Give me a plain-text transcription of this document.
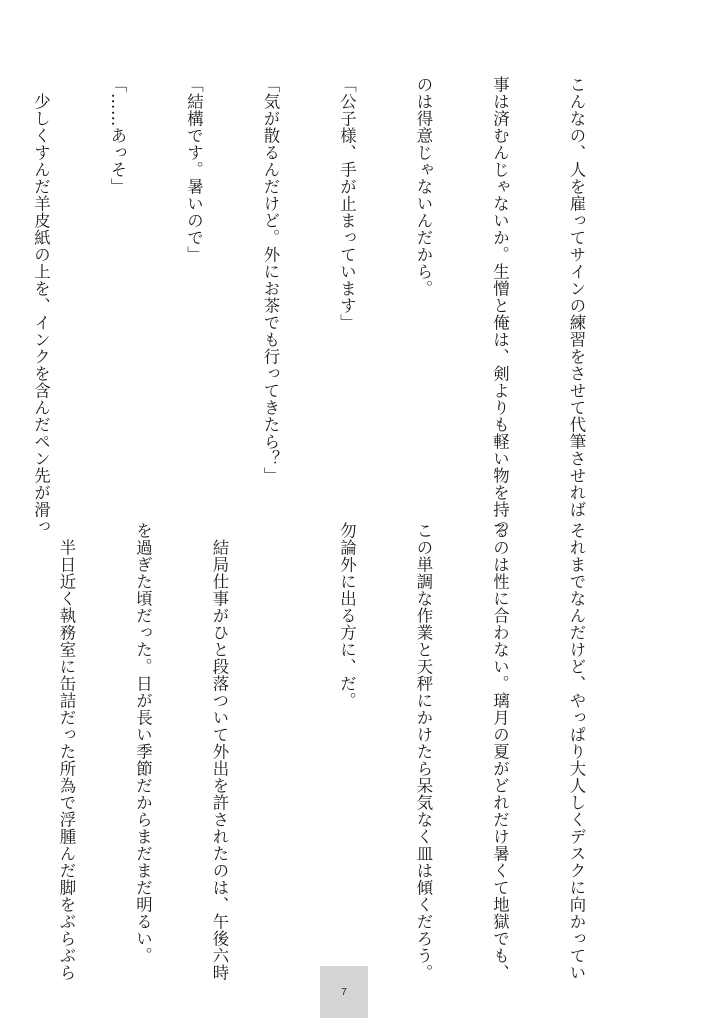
こんなの、人を雇ってサインの練習をさせて代筆させれば

事は済むんじゃないか。生憎と俺は、剣よりも軽い物を持つ

のは得意じゃないんだから。

「公子様、手が止まっています」

「気が散るんだけど。外にお茶でも行ってきたら？」

「結構です。暑いので」

「……あっそ」

　少しくすんだ羊皮紙の上を、インクを含んだペン先が滑っ

それまでなんだけど、やっぱり大人しくデスクに向かってい

るのは性に合わない。璃月の夏がどれだけ暑くて地獄でも、

この単調な作業と天秤にかけたら呆気なく皿は傾くだろう。

勿論外に出る方に、だ。

　結局仕事がひと段落ついて外出を許されたのは、午後六時

を過ぎた頃だった。日が長い季節だからまだまだ明るい。

　半日近く執務室に缶詰だった所為で浮腫んだ脚をぶらぶら

7
